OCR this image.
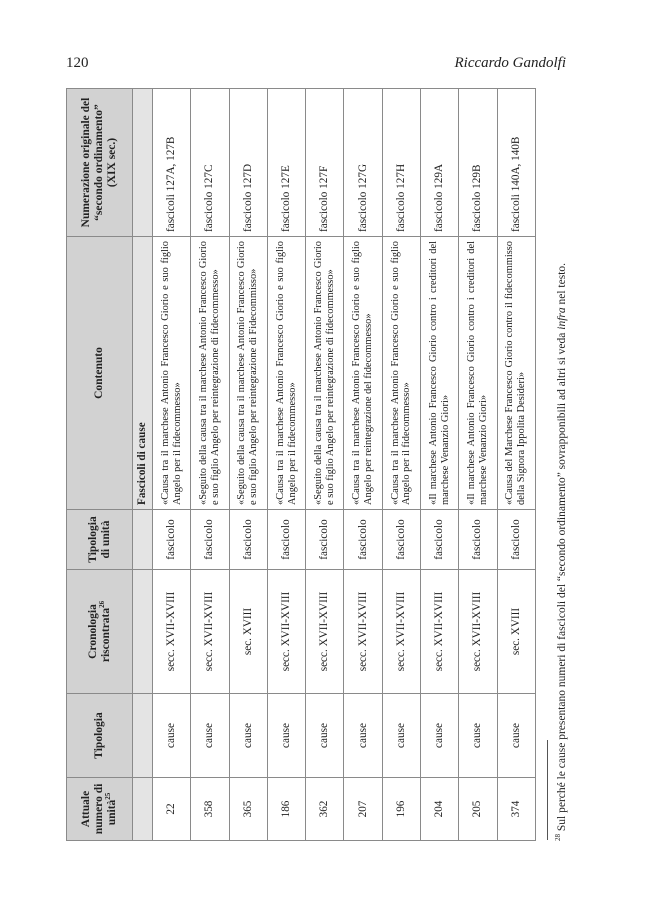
120	Riccardo Gandolfi
Attuale numero di unità$^{25}$	Tipologia	Cronologia riscontrata$^{26}$	Tipologia di unità	Contenuto	Numerazione originale del “secondo ordinamento” (XIX sec.)
				Fascicoli di cause	
22	cause	secc. XVII-XVIII	fascicolo	«Causa tra il marchese Antonio Francesco Giorio e suo figlio Angelo per il fidecommesso»	fascicoli 127A, 127B
358	cause	secc. XVII-XVIII	fascicolo	«Seguito della causa tra il marchese Antonio Francesco Giorio e suo figlio Angelo per reintegrazione di fidecommesso»	fascicolo 127C
365	cause	sec. XVIII	fascicolo	«Seguito della causa tra il marchese Antonio Francesco Giorio e suo figlio Angelo per reintegrazione di Fidecommisso»	fascicolo 127D
186	cause	secc. XVII-XVIII	fascicolo	«Causa tra il marchese Antonio Francesco Giorio e suo figlio Angelo per il fidecommesso»	fascicolo 127E
362	cause	secc. XVII-XVIII	fascicolo	«Seguito della causa tra il marchese Antonio Francesco Giorio e suo figlio Angelo per reintegrazione di fidecommesso»	fascicolo 127F
207	cause	secc. XVII-XVIII	fascicolo	«Causa tra il marchese Antonio Francesco Giorio e suo figlio Angelo per reintegrazione del fidecommesso»	fascicolo 127G
196	cause	secc. XVII-XVIII	fascicolo	«Causa tra il marchese Antonio Francesco Giorio e suo figlio Angelo per il fidecommesso»	fascicolo 127H
204	cause	secc. XVII-XVIII	fascicolo	«Il marchese Antonio Francesco Giorio contro i creditori del marchese Venanzio Giori»	fascicolo 129A
205	cause	secc. XVII-XVIII	fascicolo	«Il marchese Antonio Francesco Giorio contro i creditori del marchese Venanzio Giori»	fascicolo 129B
374	cause	sec. XVIII	fascicolo	«Causa del Marchese Francesco Giorio contro il fidecommisso della Signora Ippolita Desideri»	fascicoli 140A, 140B
$^{28}$ Sul perché le cause presentano numeri di fascicoli del “secondo ordinamento” sovrapponibili ad altri si veda infra nel testo.
